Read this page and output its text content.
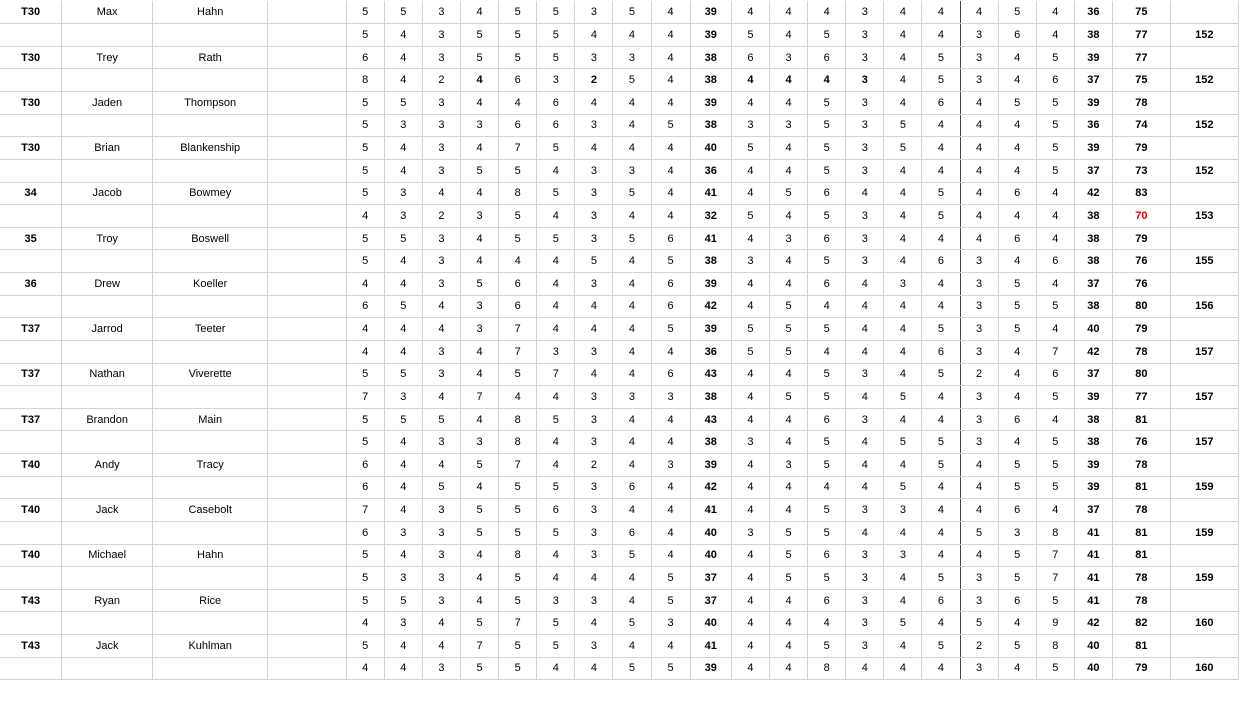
T30	Max	Hahn		5	5	3	4	5	5	3	5	4	39	4	4	4	3	4	4	4	5	4	36	75	
				5	4	3	5	5	5	4	4	4	39	5	4	5	3	4	4	3	6	4	38	77	152
T30	Trey	Rath		6	4	3	5	5	5	3	3	4	38	6	3	6	3	4	5	3	4	5	39	77	
				8	4	2	4	6	3	2	5	4	38	4	4	4	3	4	5	3	4	6	37	75	152
T30	Jaden	Thompson		5	5	3	4	4	6	4	4	4	39	4	4	5	3	4	6	4	5	5	39	78	
				5	3	3	3	6	6	3	4	5	38	3	3	5	3	5	4	4	4	5	36	74	152
T30	Brian	Blankenship		5	4	3	4	7	5	4	4	4	40	5	4	5	3	5	4	4	4	5	39	79	
				5	4	3	5	5	4	3	3	4	36	4	4	5	3	4	4	4	4	5	37	73	152
34	Jacob	Bowmey		5	3	4	4	8	5	3	5	4	41	4	5	6	4	4	5	4	6	4	42	83	
				4	3	2	3	5	4	3	4	4	32	5	4	5	3	4	5	4	4	4	38	70	153
35	Troy	Boswell		5	5	3	4	5	5	3	5	6	41	4	3	6	3	4	4	4	6	4	38	79	
				5	4	3	4	4	4	5	4	5	38	3	4	5	3	4	6	3	4	6	38	76	155
36	Drew	Koeller		4	4	3	5	6	4	3	4	6	39	4	4	6	4	3	4	3	5	4	37	76	
				6	5	4	3	6	4	4	4	6	42	4	5	4	4	4	4	3	5	5	38	80	156
T37	Jarrod	Teeter		4	4	4	3	7	4	4	4	5	39	5	5	5	4	4	5	3	5	4	40	79	
				4	4	3	4	7	3	3	4	4	36	5	5	4	4	4	6	3	4	7	42	78	157
T37	Nathan	Viverette		5	5	3	4	5	7	4	4	6	43	4	4	5	3	4	5	2	4	6	37	80	
				7	3	4	7	4	4	3	3	3	38	4	5	5	4	5	4	3	4	5	39	77	157
T37	Brandon	Main		5	5	5	4	8	5	3	4	4	43	4	4	6	3	4	4	3	6	4	38	81	
				5	4	3	3	8	4	3	4	4	38	3	4	5	4	5	5	3	4	5	38	76	157
T40	Andy	Tracy		6	4	4	5	7	4	2	4	3	39	4	3	5	4	4	5	4	5	5	39	78	
				6	4	5	4	5	5	3	6	4	42	4	4	4	4	5	4	4	5	5	39	81	159
T40	Jack	Casebolt		7	4	3	5	5	6	3	4	4	41	4	4	5	3	3	4	4	6	4	37	78	
				6	3	3	5	5	5	3	6	4	40	3	5	5	4	4	4	5	3	8	41	81	159
T40	Michael	Hahn		5	4	3	4	8	4	3	5	4	40	4	5	6	3	3	4	4	5	7	41	81	
				5	3	3	4	5	4	4	4	5	37	4	5	5	3	4	5	3	5	7	41	78	159
T43	Ryan	Rice		5	5	3	4	5	3	3	4	5	37	4	4	6	3	4	6	3	6	5	41	78	
				4	3	4	5	7	5	4	5	3	40	4	4	4	3	5	4	5	4	9	42	82	160
T43	Jack	Kuhlman		5	4	4	7	5	5	3	4	4	41	4	4	5	3	4	5	2	5	8	40	81	
				4	4	3	5	5	4	4	5	5	39	4	4	8	4	4	4	3	4	5	40	79	160
